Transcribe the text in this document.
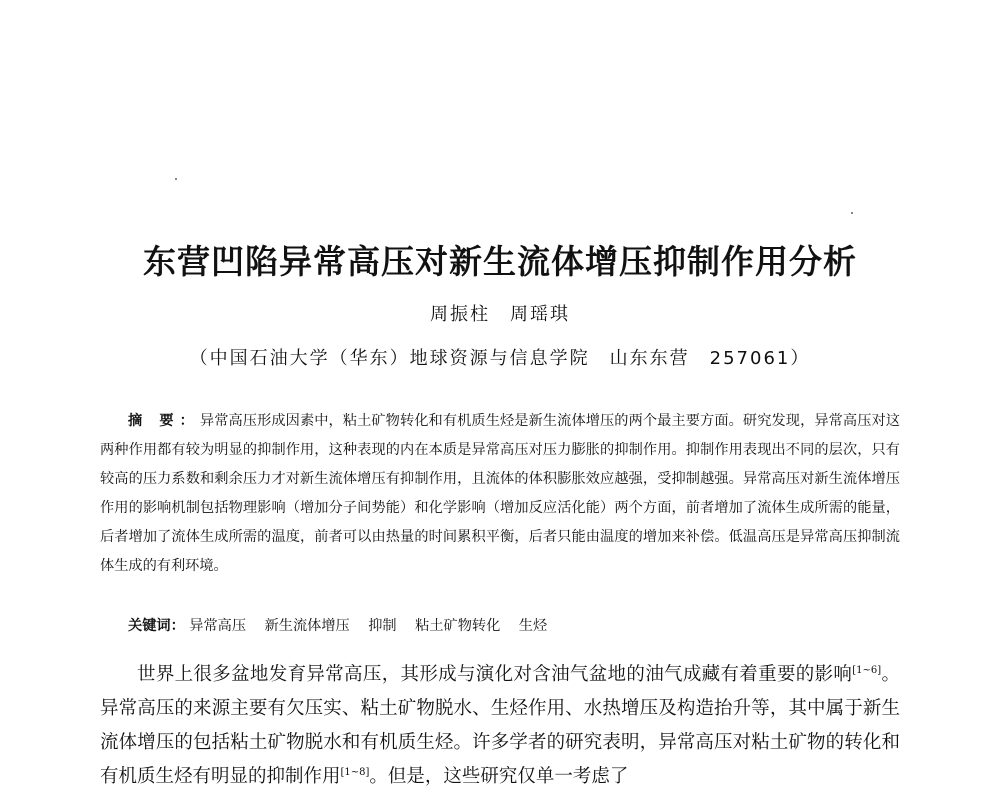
东营凹陷异常高压对新生流体增压抑制作用分析
周振柱　周瑶琪
（中国石油大学（华东）地球资源与信息学院　山东东营　257061）
摘 要：异常高压形成因素中，粘土矿物转化和有机质生烃是新生流体增压的两个最主要方面。研究发现，异常高压对这两种作用都有较为明显的抑制作用，这种表现的内在本质是异常高压对压力膨胀的抑制作用。抑制作用表现出不同的层次，只有较高的压力系数和剩余压力才对新生流体增压有抑制作用，且流体的体积膨胀效应越强，受抑制越强。异常高压对新生流体增压作用的影响机制包括物理影响（增加分子间势能）和化学影响（增加反应活化能）两个方面，前者增加了流体生成所需的能量，后者增加了流体生成所需的温度，前者可以由热量的时间累积平衡，后者只能由温度的增加来补偿。低温高压是异常高压抑制流体生成的有利环境。
关键词： 异常高压 新生流体增压 抑制 粘土矿物转化 生烃
世界上很多盆地发育异常高压，其形成与演化对含油气盆地的油气成藏有着重要的影响[1~6]。异常高压的来源主要有欠压实、粘土矿物脱水、生烃作用、水热增压及构造抬升等，其中属于新生流体增压的包括粘土矿物脱水和有机质生烃。许多学者的研究表明，异常高压对粘土矿物的转化和有机质生烃有明显的抑制作用[1~8]。但是，这些研究仅单一考虑了
